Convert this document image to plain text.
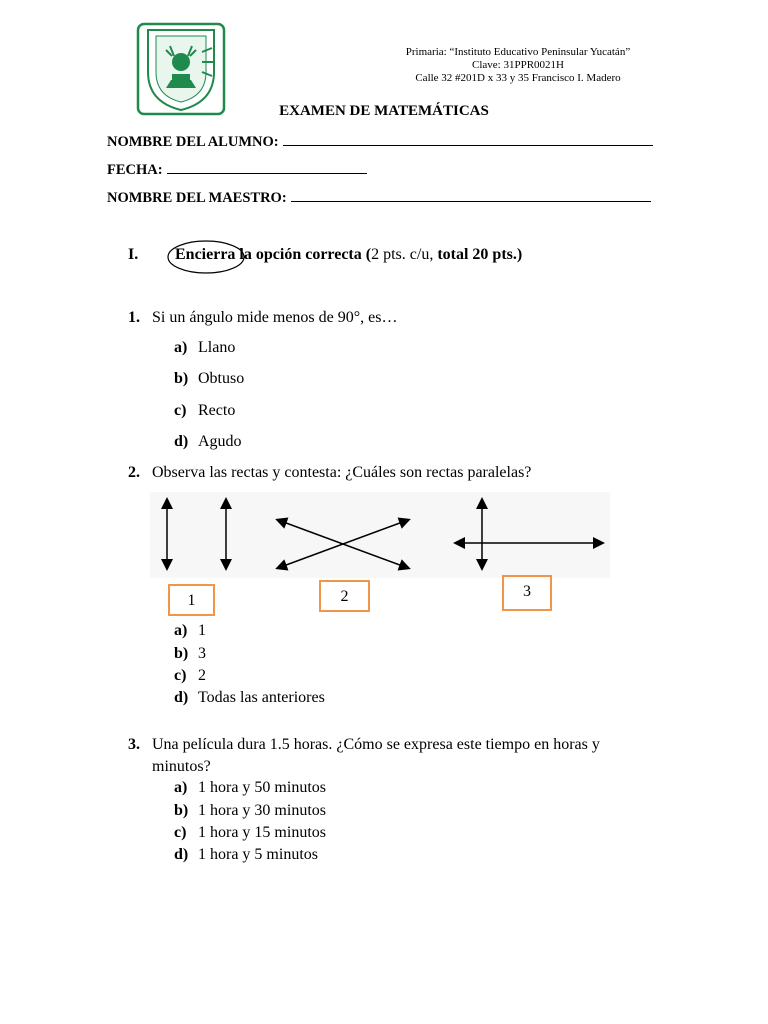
Primaria: “Instituto Educativo Peninsular Yucatán”
Clave: 31PPR0021H
Calle 32 #201D x 33 y 35 Francisco I. Madero
EXAMEN DE MATEMÁTICAS
NOMBRE DEL ALUMNO:
FECHA:
NOMBRE DEL MAESTRO:
I. Encierra la opción correcta (2 pts. c/u, total 20 pts.)
1. Si un ángulo mide menos de 90°, es…
a) Llano
b) Obtuso
c) Recto
d) Agudo
2. Observa las rectas y contesta: ¿Cuáles son rectas paralelas?
1	2	3
a) 1
b) 3
c) 2
d) Todas las anteriores
3. Una película dura 1.5 horas. ¿Cómo se expresa este tiempo en horas y
minutos?
a) 1 hora y 50 minutos
b) 1 hora y 30 minutos
c) 1 hora y 15 minutos
d) 1 hora y 5 minutos
